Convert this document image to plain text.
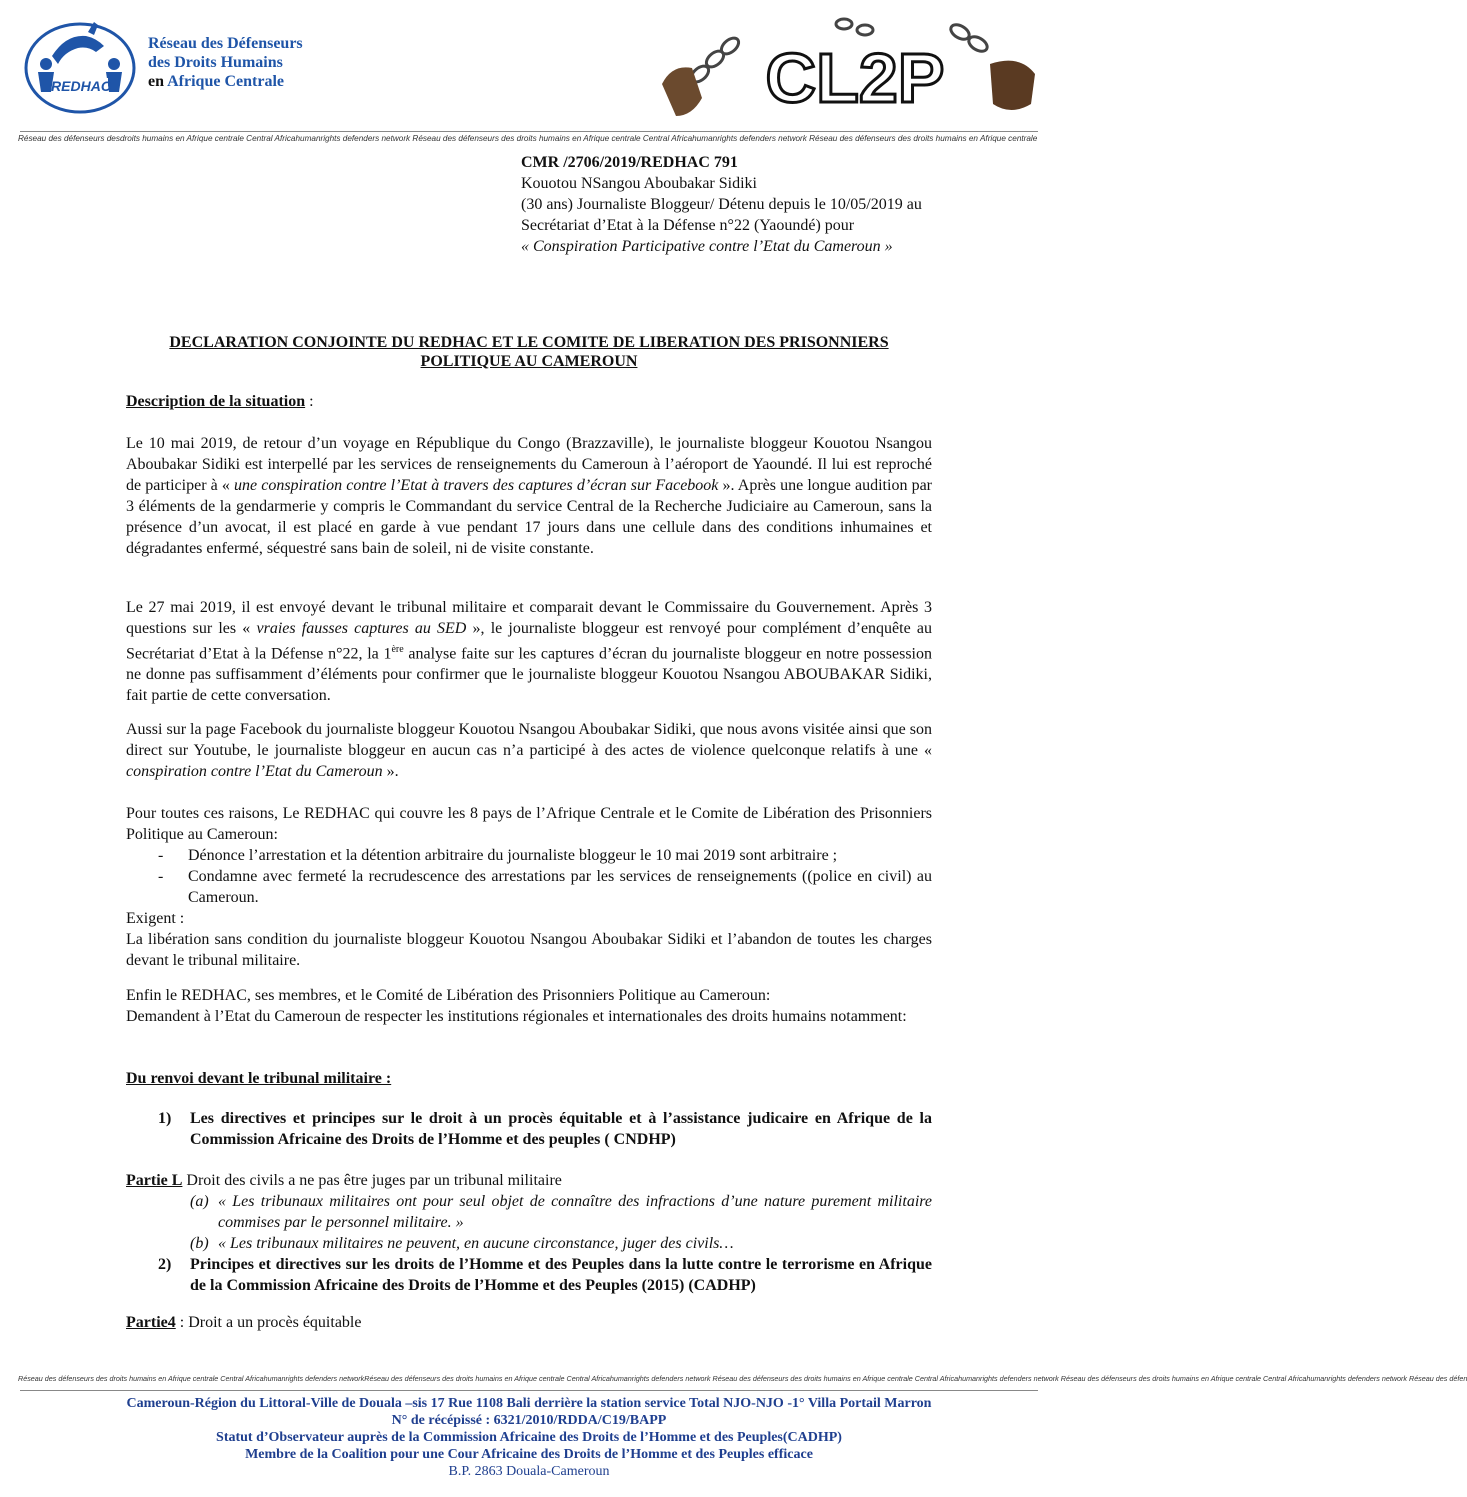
REDHAC
Réseau des Défenseurs
des Droits Humains
en Afrique Centrale	CL2P
Réseau des défenseurs desdroits humains en Afrique centrale Central Africahumanrights defenders network Réseau des défenseurs des droits humains en Afrique centrale Central Africahumanrights defenders network Réseau des défenseurs des droits humains en Afrique centrale
CMR /2706/2019/REDHAC 791
Kouotou NSangou Aboubakar Sidiki
(30 ans) Journaliste Bloggeur/ Détenu depuis le 10/05/2019 au
Secrétariat d’Etat à la Défense n°22 (Yaoundé) pour
« Conspiration Participative contre l’Etat du Cameroun »
DECLARATION CONJOINTE DU REDHAC ET LE COMITE DE LIBERATION DES PRISONNIERS
POLITIQUE AU CAMEROUN
Description de la situation :
Le 10 mai 2019, de retour d’un voyage en République du Congo (Brazzaville), le journaliste bloggeur Kouotou Nsangou Aboubakar Sidiki est interpellé par les services de renseignements du Cameroun à l’aéroport de Yaoundé. Il lui est reproché de participer à « une conspiration contre l’Etat à travers des captures d’écran sur Facebook ». Après une longue audition par 3 éléments de la gendarmerie y compris le Commandant du service Central de la Recherche Judiciaire au Cameroun, sans la présence d’un avocat, il est placé en garde à vue pendant 17 jours dans une cellule dans des conditions inhumaines et dégradantes enfermé, séquestré sans bain de soleil, ni de visite constante.
Le 27 mai 2019, il est envoyé devant le tribunal militaire et comparait devant le Commissaire du Gouvernement. Après 3 questions sur les « vraies fausses captures au SED », le journaliste bloggeur est renvoyé pour complément d’enquête au Secrétariat d’Etat à la Défense n°22, la 1ère analyse faite sur les captures d’écran du journaliste bloggeur en notre possession ne donne pas suffisamment d’éléments pour confirmer que le journaliste bloggeur Kouotou Nsangou ABOUBAKAR Sidiki, fait partie de cette conversation.
Aussi sur la page Facebook du journaliste bloggeur Kouotou Nsangou Aboubakar Sidiki, que nous avons visitée ainsi que son direct sur Youtube, le journaliste bloggeur en aucun cas n’a participé à des actes de violence quelconque relatifs à une « conspiration contre l’Etat du Cameroun ».
Pour toutes ces raisons, Le REDHAC qui couvre les 8 pays de l’Afrique Centrale et le Comite de Libération des Prisonniers Politique au Cameroun:
- Dénonce l’arrestation et la détention arbitraire du journaliste bloggeur le 10 mai 2019 sont arbitraire ;
- Condamne avec fermeté la recrudescence des arrestations par les services de renseignements ((police en civil) au Cameroun.
Exigent :
La libération sans condition du journaliste bloggeur Kouotou Nsangou Aboubakar Sidiki et l’abandon de toutes les charges devant le tribunal militaire.
Enfin le REDHAC, ses membres, et le Comité de Libération des Prisonniers Politique au Cameroun:
Demandent à l’Etat du Cameroun de respecter les institutions régionales et internationales des droits humains notamment:
Du renvoi devant le tribunal militaire :
1) Les directives et principes sur le droit à un procès équitable et à l’assistance judicaire en Afrique de la Commission Africaine des Droits de l’Homme et des peuples ( CNDHP)
Partie L Droit des civils a ne pas être juges par un tribunal militaire
(a) « Les tribunaux militaires ont pour seul objet de connaître des infractions d’une nature purement militaire commises par le personnel militaire. »
(b) « Les tribunaux militaires ne peuvent, en aucune circonstance, juger des civils…
2) Principes et directives sur les droits de l’Homme et des Peuples dans la lutte contre le terrorisme en Afrique de la Commission Africaine des Droits de l’Homme et des Peuples (2015) (CADHP)
Partie4 : Droit a un procès équitable
Réseau des défenseurs des droits humains en Afrique centrale Central Africahumanrights defenders networkRéseau des défenseurs des droits humains en Afrique centrale Central Africahumanrights defenders network Réseau des défenseurs des droits humains en Afrique centrale Central Africahumanrights defenders network Réseau des défenseurs des droits humains en Afrique centrale Central Africahumanrights defenders network Réseau des défen
Cameroun-Région du Littoral-Ville de Douala –sis 17 Rue 1108 Bali derrière la station service Total NJO-NJO -1° Villa Portail Marron
N° de récépissé : 6321/2010/RDDA/C19/BAPP
Statut d’Observateur auprès de la Commission Africaine des Droits de l’Homme et des Peuples(CADHP)
Membre de la Coalition pour une Cour Africaine des Droits de l’Homme et des Peuples efficace
B.P. 2863 Douala-Cameroun
